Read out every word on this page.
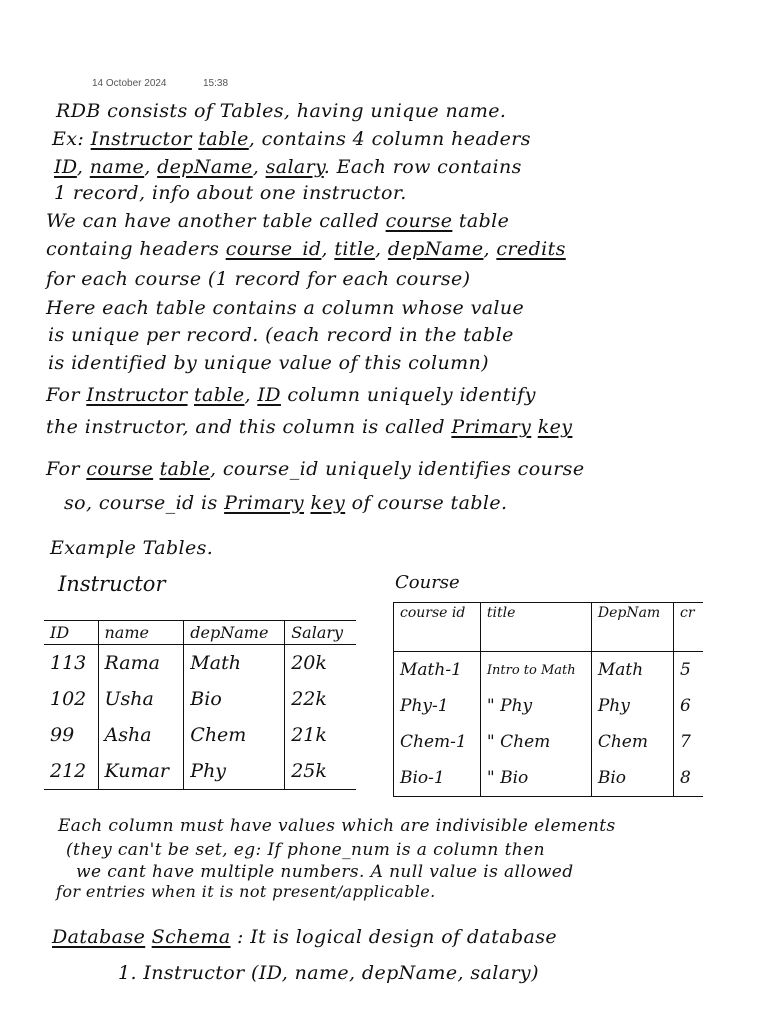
14 October 2024	15:38
RDB consists of Tables, having unique name.
Ex: Instructor table, contains 4 column headers
ID, name, depName, salary. Each row contains
1 record, info about one instructor.
We can have another table called course table
containg headers course_id, title, depName, credits
for each course (1 record for each course)
Here each table contains a column whose value
is unique per record. (each record in the table
is identified by unique value of this column)
For Instructor table, ID column uniquely identify
the instructor, and this column is called Primary key
For course table, course_id uniquely identifies course
so, course_id is Primary key of course table.
Example Tables.
Instructor	Course
ID	name	depName	Salary
113	Rama	Math	20k
102	Usha	Bio	22k
99	Asha	Chem	21k
212	Kumar	Phy	25k
course id	title	DepNam	cr
Math-1	Intro to Math	Math	5
Phy-1	" Phy	Phy	6
Chem-1	" Chem	Chem	7
Bio-1	" Bio	Bio	8
Each column must have values which are indivisible elements
(they can't be set, eg: If phone_num is a column then
we cant have multiple numbers. A null value is allowed
for entries when it is not present/applicable.
Database Schema : It is logical design of database
1. Instructor (ID, name, depName, salary)
